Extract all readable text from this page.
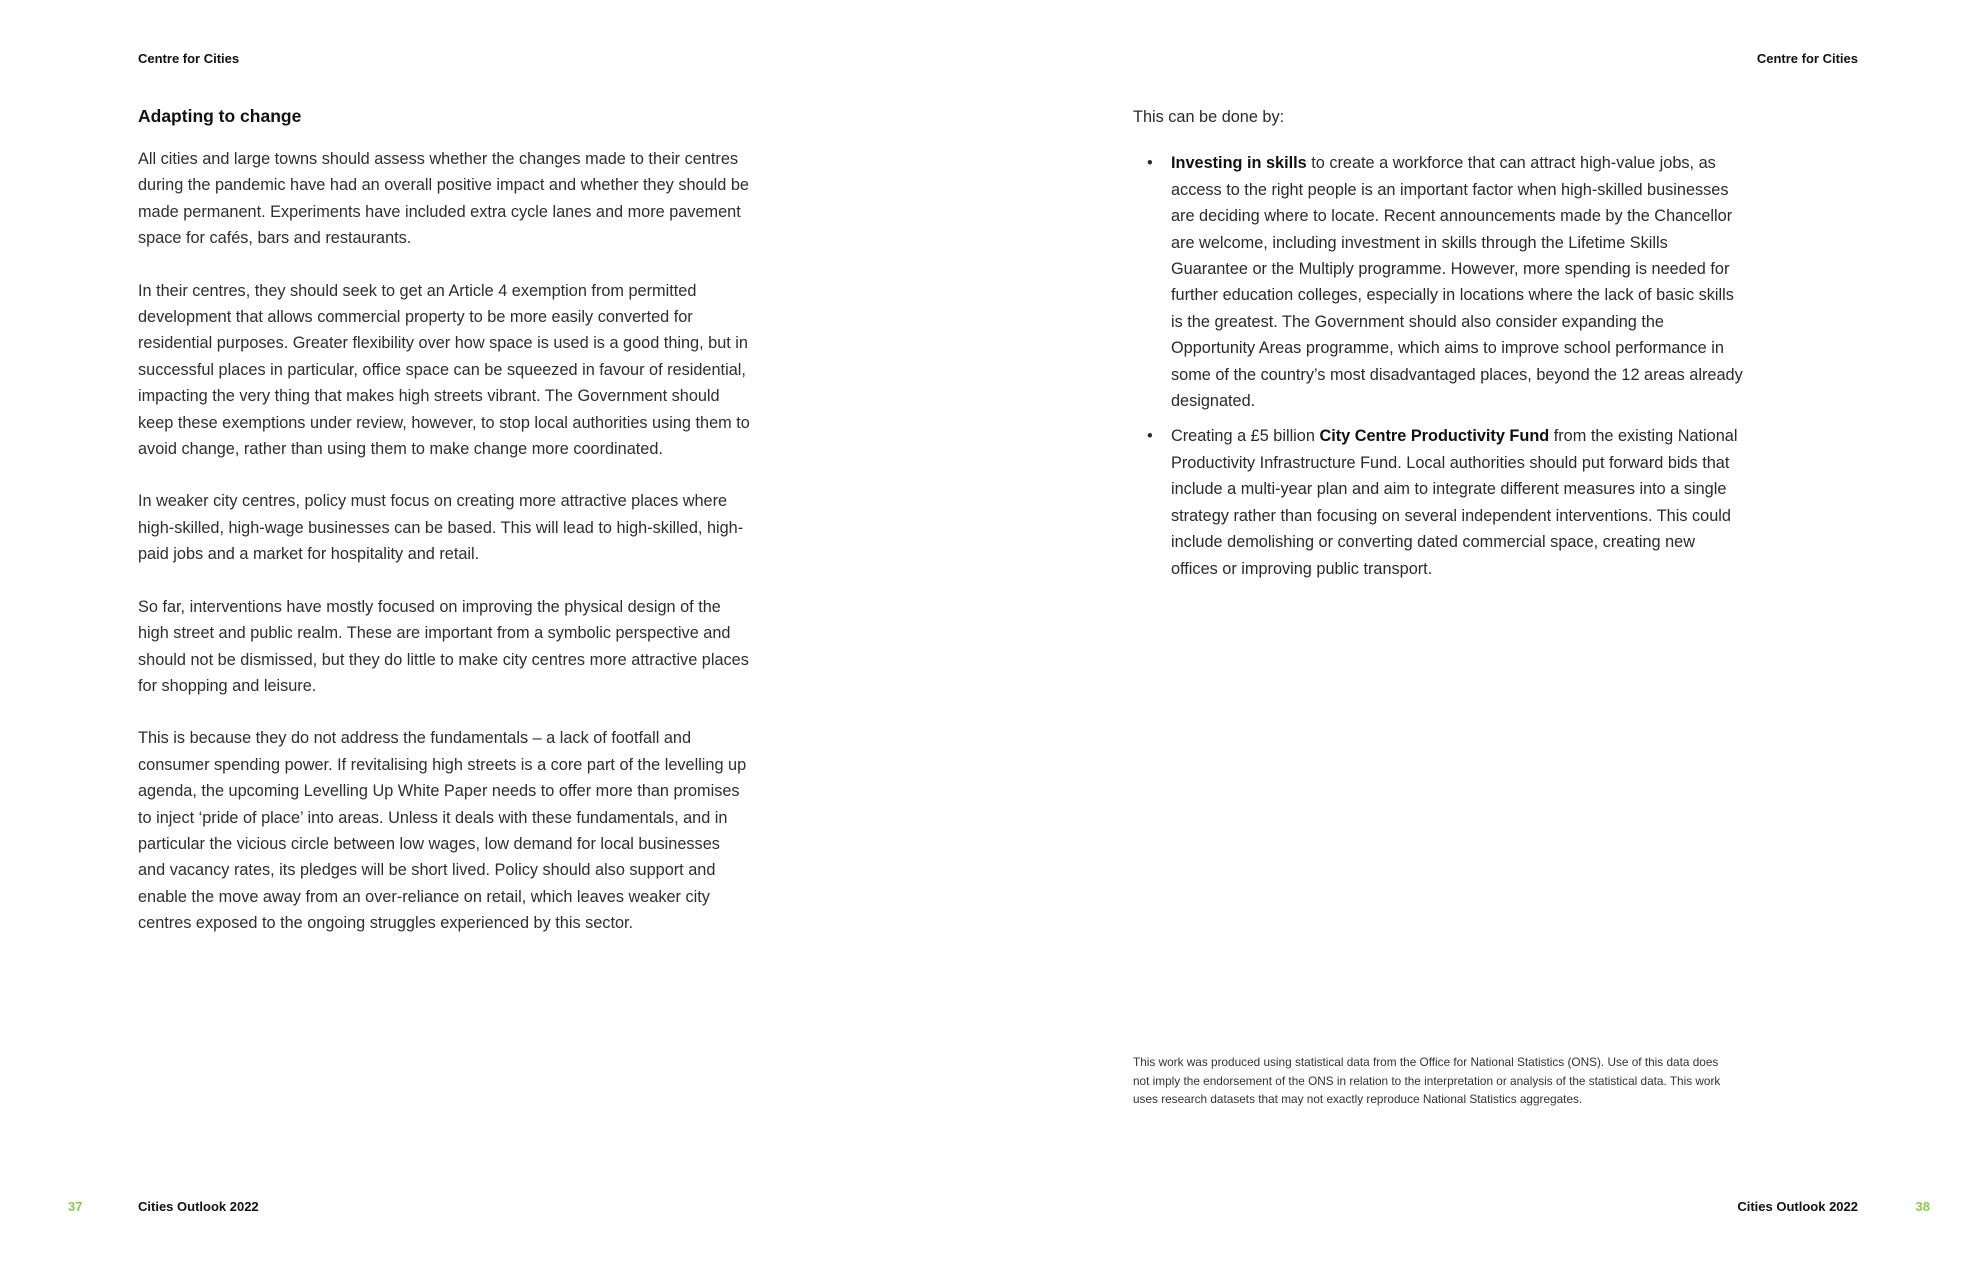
Centre for Cities
Adapting to change

All cities and large towns should assess whether the changes made to their centres during the pandemic have had an overall positive impact and whether they should be made permanent. Experiments have included extra cycle lanes and more pavement space for cafés, bars and restaurants.

In their centres, they should seek to get an Article 4 exemption from permitted development that allows commercial property to be more easily converted for residential purposes. Greater flexibility over how space is used is a good thing, but in successful places in particular, office space can be squeezed in favour of residential, impacting the very thing that makes high streets vibrant. The Government should keep these exemptions under review, however, to stop local authorities using them to avoid change, rather than using them to make change more coordinated.

In weaker city centres, policy must focus on creating more attractive places where high-skilled, high-wage businesses can be based. This will lead to high-skilled, high-paid jobs and a market for hospitality and retail.

So far, interventions have mostly focused on improving the physical design of the high street and public realm. These are important from a symbolic perspective and should not be dismissed, but they do little to make city centres more attractive places for shopping and leisure.

This is because they do not address the fundamentals – a lack of footfall and consumer spending power. If revitalising high streets is a core part of the levelling up agenda, the upcoming Levelling Up White Paper needs to offer more than promises to inject ‘pride of place’ into areas. Unless it deals with these fundamentals, and in particular the vicious circle between low wages, low demand for local businesses and vacancy rates, its pledges will be short lived. Policy should also support and enable the move away from an over-reliance on retail, which leaves weaker city centres exposed to the ongoing struggles experienced by this sector.

37	Cities Outlook 2022
Centre for Cities

This can be done by:

• Investing in skills to create a workforce that can attract high-value jobs, as access to the right people is an important factor when high-skilled businesses are deciding where to locate. Recent announcements made by the Chancellor are welcome, including investment in skills through the Lifetime Skills Guarantee or the Multiply programme. However, more spending is needed for further education colleges, especially in locations where the lack of basic skills is the greatest. The Government should also consider expanding the Opportunity Areas programme, which aims to improve school performance in some of the country’s most disadvantaged places, beyond the 12 areas already designated.
• Creating a £5 billion City Centre Productivity Fund from the existing National Productivity Infrastructure Fund. Local authorities should put forward bids that include a multi-year plan and aim to integrate different measures into a single strategy rather than focusing on several independent interventions. This could include demolishing or converting dated commercial space, creating new offices or improving public transport.
This work was produced using statistical data from the Office for National Statistics (ONS). Use of this data does not imply the endorsement of the ONS in relation to the interpretation or analysis of the statistical data. This work uses research datasets that may not exactly reproduce National Statistics aggregates.
Cities Outlook 2022	38
